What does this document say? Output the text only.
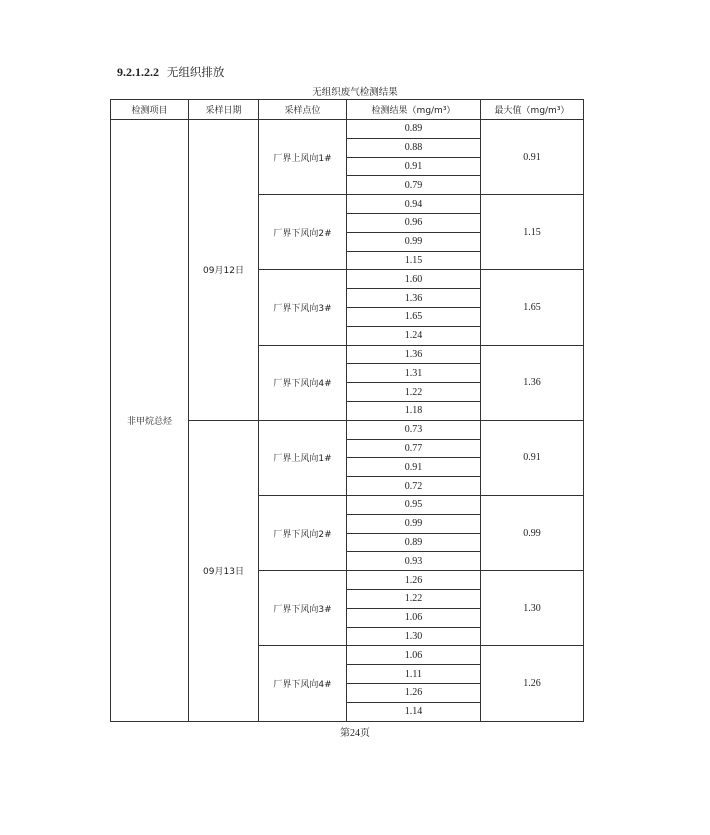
9.2.1.2.2 无组织排放
无组织废气检测结果
检测项目	采样日期	采样点位	检测结果（mg/m³）	最大值（mg/m³）
非甲烷总烃	09月12日	厂界上风向1#	0.89	0.91
			0.88	
			0.91	
			0.79	
		厂界下风向2#	0.94	1.15
			0.96	
			0.99	
			1.15	
		厂界下风向3#	1.60	1.65
			1.36	
			1.65	
			1.24	
		厂界下风向4#	1.36	1.36
			1.31	
			1.22	
			1.18	
	09月13日	厂界上风向1#	0.73	0.91
			0.77	
			0.91	
			0.72	
		厂界下风向2#	0.95	0.99
			0.99	
			0.89	
			0.93	
		厂界下风向3#	1.26	1.30
			1.22	
			1.06	
			1.30	
		厂界下风向4#	1.06	1.26
			1.11	
			1.26	
			1.14	
第24页
